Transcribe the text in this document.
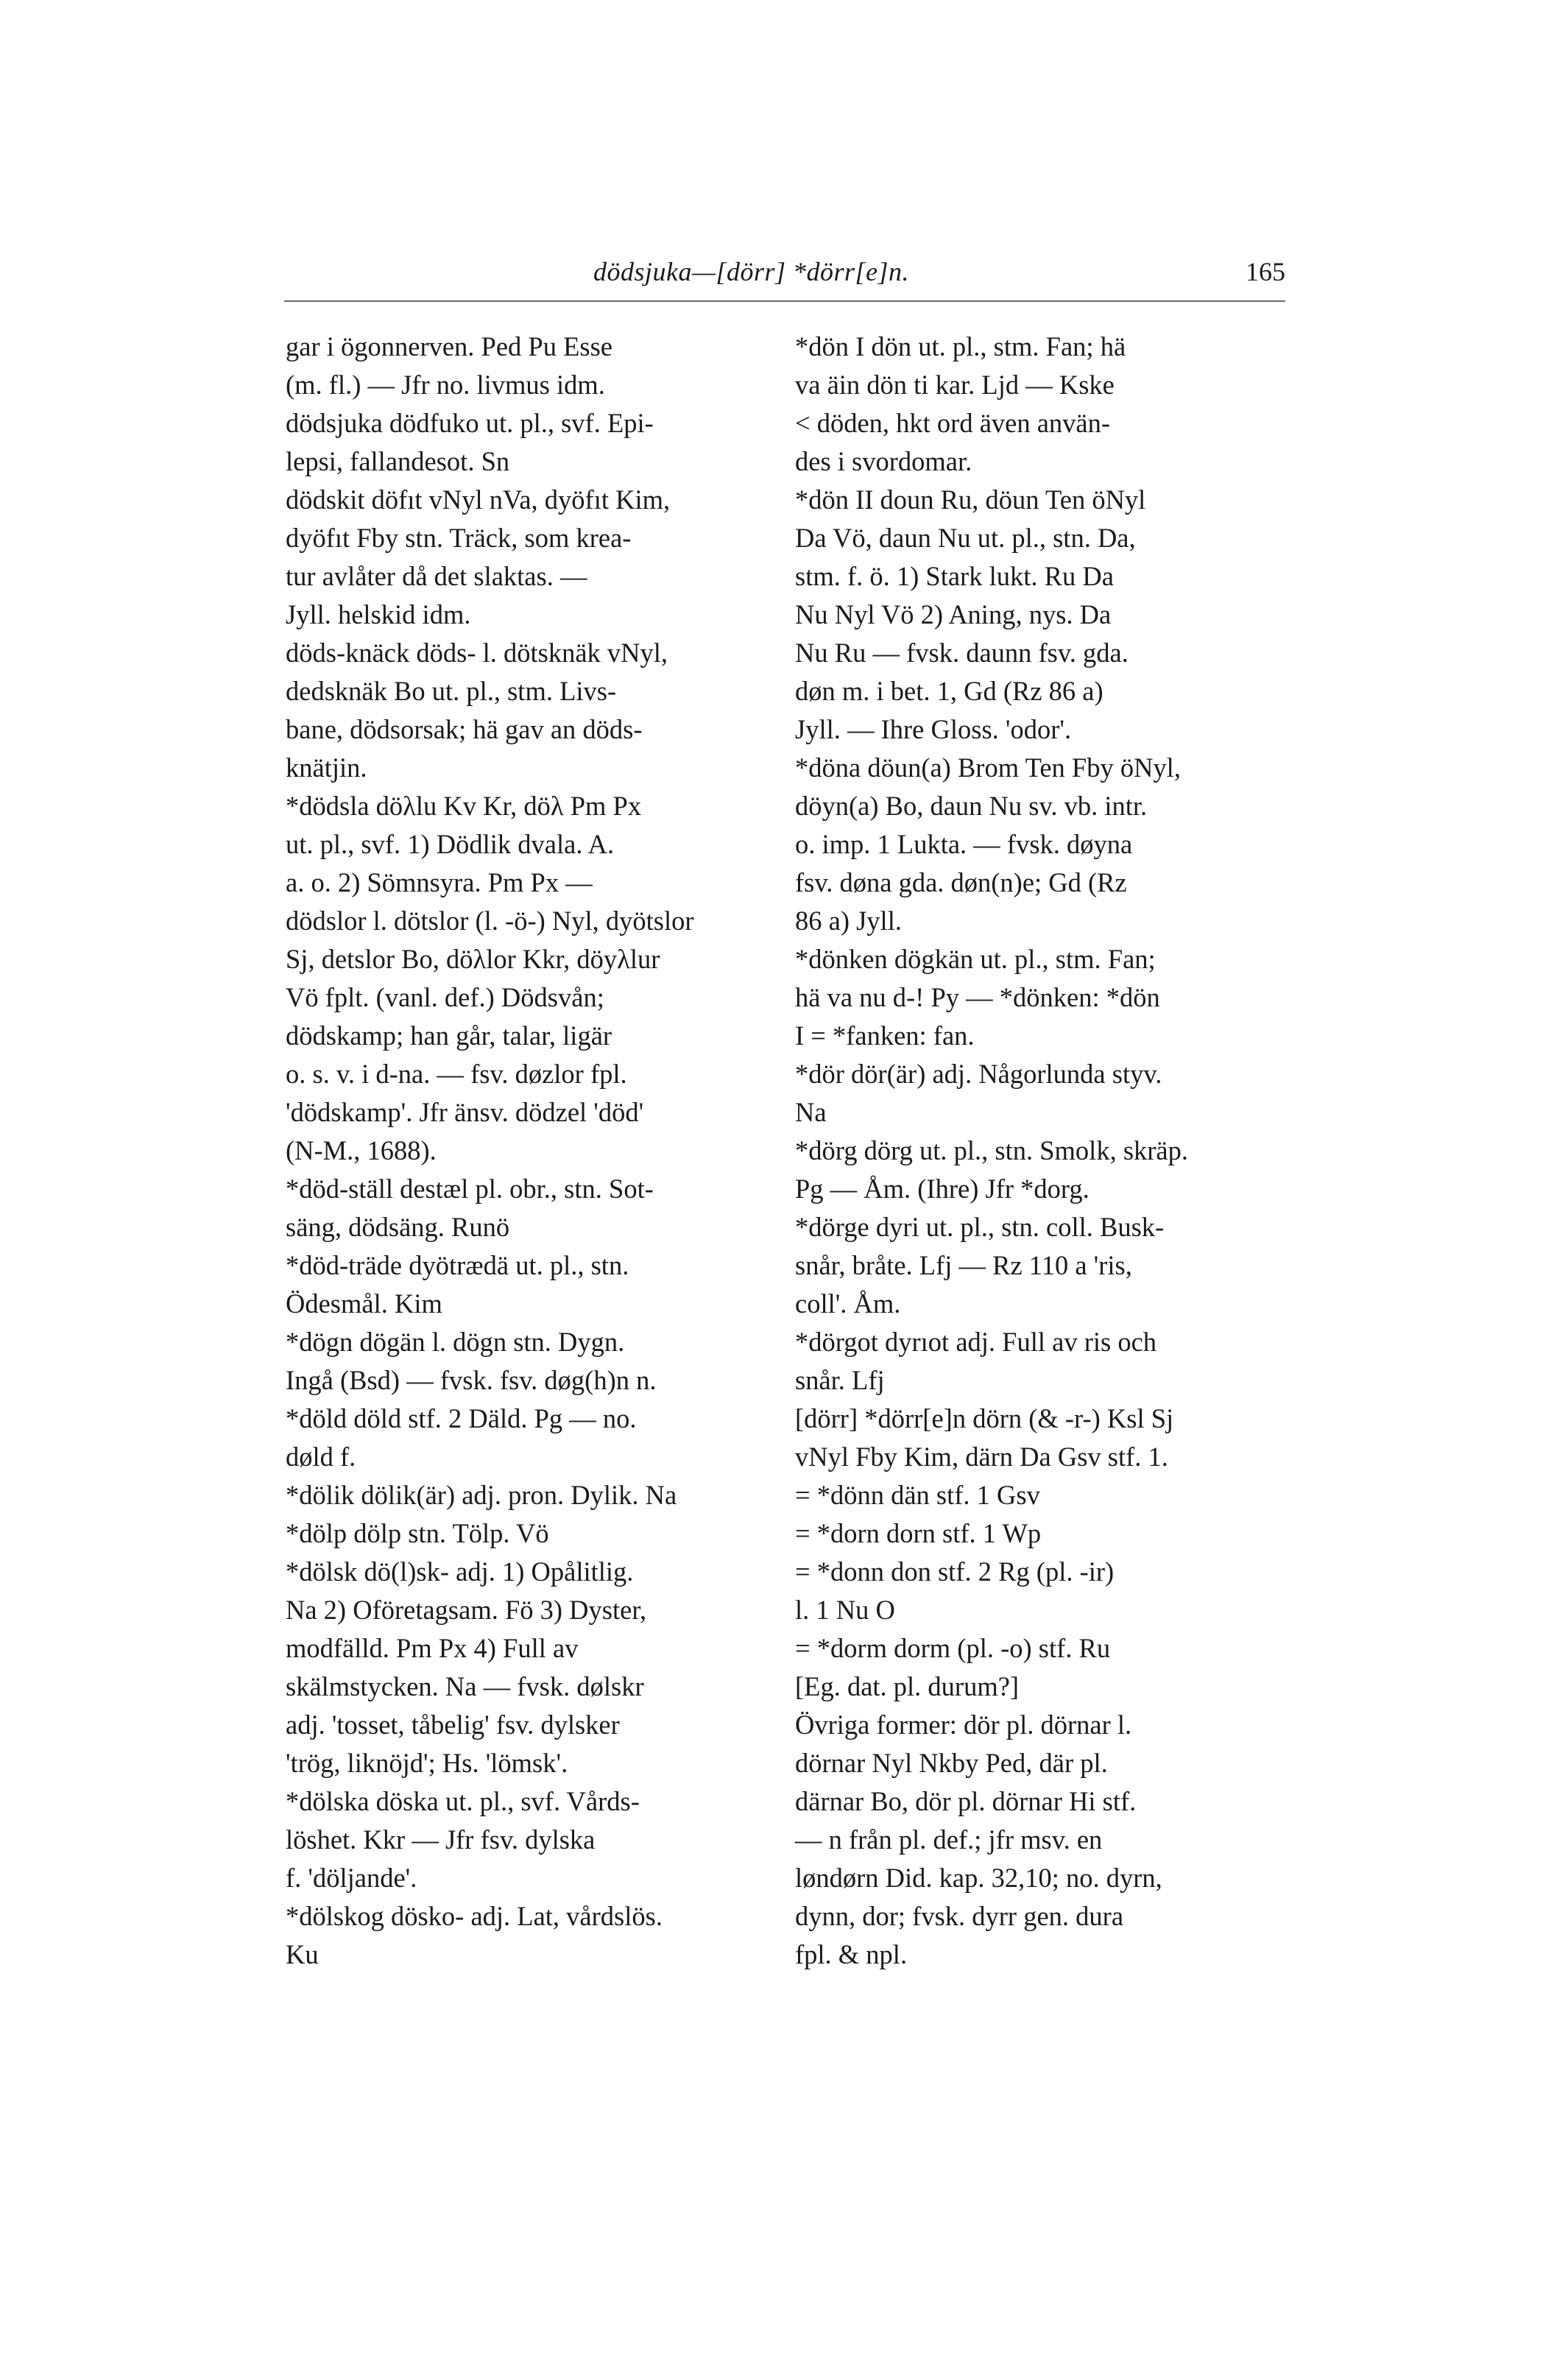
dödsjuka—[dörr] *dörr[e]n.	165
gar i ögonnerven. Ped Pu Esse
(m. fl.) — Jfr no. livmus idm.
dödsjuka dödfuko ut. pl., svf. Epi-
lepsi, fallandesot. Sn
dödskit döfıt vNyl nVa, dyöfıt Kim,
dyöfıt Fby stn. Träck, som krea-
tur avlåter då det slaktas. —
Jyll. helskid idm.
döds-knäck döds- l. dötsknäk vNyl,
dedsknäk Bo ut. pl., stm. Livs-
bane, dödsorsak; hä gav an döds-
knätjin.
*dödsla döλlu Kv Kr, döλ Pm Px
ut. pl., svf. 1) Dödlik dvala. A.
a. o. 2) Sömnsyra. Pm Px —
dödslor l. dötslor (l. -ö-) Nyl, dyötslor
Sj, detslor Bo, döλlor Kkr, döyλlur
Vö fplt. (vanl. def.) Dödsvån;
dödskamp; han går, talar, ligär
o. s. v. i d-na. — fsv. døzlor fpl.
'dödskamp'. Jfr änsv. dödzel 'död'
(N-M., 1688).
*död-ställ destæl pl. obr., stn. Sot-
säng, dödsäng. Runö
*död-träde dyötrædä ut. pl., stn.
Ödesmål. Kim
*dögn dögän l. dögn stn. Dygn.
Ingå (Bsd) — fvsk. fsv. døg(h)n n.
*döld döld stf. 2 Däld. Pg — no.
døld f.
*dölik dölik(är) adj. pron. Dylik. Na
*dölp dölp stn. Tölp. Vö
*dölsk dö(l)sk- adj. 1) Opålitlig.
Na 2) Oföretagsam. Fö 3) Dyster,
modfälld. Pm Px 4) Full av
skälmstycken. Na — fvsk. dølskr
adj. 'tosset, tåbelig' fsv. dylsker
'trög, liknöjd'; Hs. 'lömsk'.
*dölska döska ut. pl., svf. Vårds-
löshet. Kkr — Jfr fsv. dylska
f. 'döljande'.
*dölskog dösko- adj. Lat, vårdslös.
Ku
*dön I dön ut. pl., stm. Fan; hä
va äin dön ti kar. Ljd — Kske
< döden, hkt ord även använ-
des i svordomar.
*dön II doun Ru, döun Ten öNyl
Da Vö, daun Nu ut. pl., stn. Da,
stm. f. ö. 1) Stark lukt. Ru Da
Nu Nyl Vö 2) Aning, nys. Da
Nu Ru — fvsk. daunn fsv. gda.
døn m. i bet. 1, Gd (Rz 86 a)
Jyll. — Ihre Gloss. 'odor'.
*döna döun(a) Brom Ten Fby öNyl,
döyn(a) Bo, daun Nu sv. vb. intr.
o. imp. 1 Lukta. — fvsk. døyna
fsv. døna gda. døn(n)e; Gd (Rz
86 a) Jyll.
*dönken dögkän ut. pl., stm. Fan;
hä va nu d-! Py — *dönken: *dön
I = *fanken: fan.
*dör dör(är) adj. Någorlunda styv.
Na
*dörg dörg ut. pl., stn. Smolk, skräp.
Pg — Åm. (Ihre) Jfr *dorg.
*dörge dyri ut. pl., stn. coll. Busk-
snår, bråte. Lfj — Rz 110 a 'ris,
coll'. Åm.
*dörgot dyrıot adj. Full av ris och
snår. Lfj
[dörr] *dörr[e]n dörn (& -r-) Ksl Sj
vNyl Fby Kim, därn Da Gsv stf. 1.
= *dönn dän stf. 1 Gsv
= *dorn dorn stf. 1 Wp
= *donn don stf. 2 Rg (pl. -ir)
l. 1 Nu O
= *dorm dorm (pl. -o) stf. Ru
[Eg. dat. pl. durum?]
Övriga former: dör pl. dörnar l.
dörnar Nyl Nkby Ped, där pl.
därnar Bo, dör pl. dörnar Hi stf.
— n från pl. def.; jfr msv. en
løndørn Did. kap. 32,10; no. dyrn,
dynn, dor; fvsk. dyrr gen. dura
fpl. & npl.
